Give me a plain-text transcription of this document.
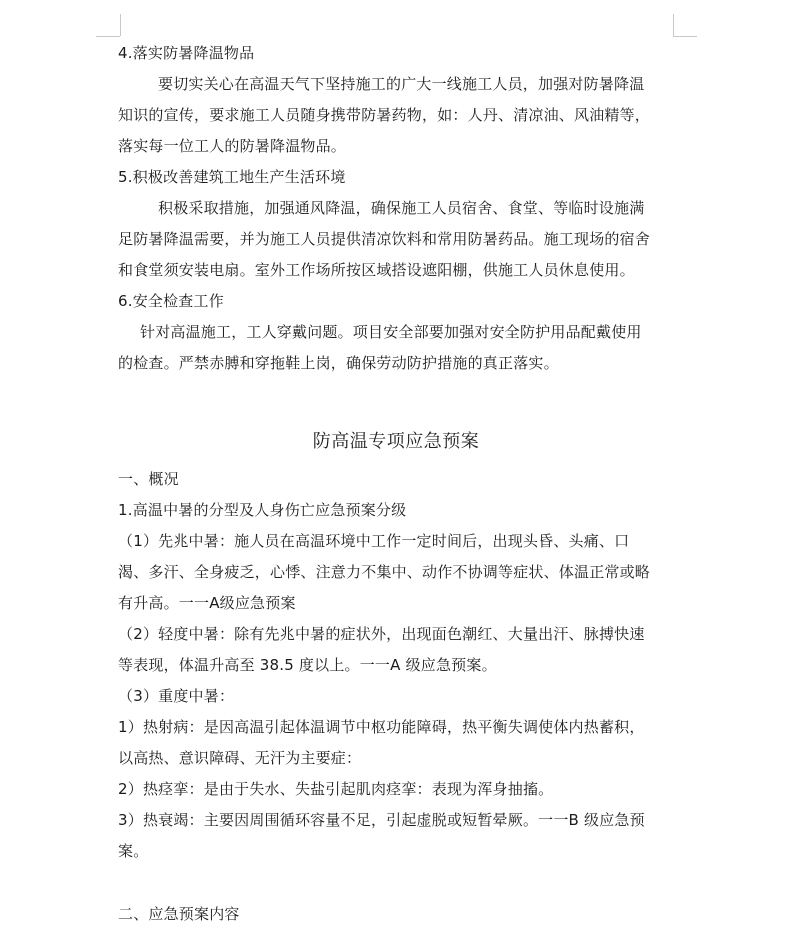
4.落实防暑降温物品
要切实关心在高温天气下坚持施工的广大一线施工人员，加强对防暑降温
知识的宣传，要求施工人员随身携带防暑药物，如：人丹、清凉油、风油精等，
落实每一位工人的防暑降温物品。
5.积极改善建筑工地生产生活环境
积极采取措施，加强通风降温，确保施工人员宿舍、食堂、等临时设施满
足防暑降温需要，并为施工人员提供清凉饮料和常用防暑药品。施工现场的宿舍
和食堂须安装电扇。室外工作场所按区域搭设遮阳棚，供施工人员休息使用。
6.安全检查工作
针对高温施工，工人穿戴问题。项目安全部要加强对安全防护用品配戴使用
的检查。严禁赤膊和穿拖鞋上岗，确保劳动防护措施的真正落实。
防高温专项应急预案
一、概况
1.高温中暑的分型及人身伤亡应急预案分级
（1）先兆中暑：施人员在高温环境中工作一定时间后，出现头昏、头痛、口
渴、多汗、全身疲乏，心悸、注意力不集中、动作不协调等症状、体温正常或略
有升高。一一A级应急预案
（2）轻度中暑：除有先兆中暑的症状外，出现面色潮红、大量出汗、脉搏快速
等表现，体温升高至 38.5 度以上。一一A 级应急预案。
（3）重度中暑：
1）热射病：是因高温引起体温调节中枢功能障碍，热平衡失调使体内热蓄积，
以高热、意识障碍、无汗为主要症：
2）热痉挛：是由于失水、失盐引起肌肉痉挛：表现为浑身抽搐。
3）热衰竭：主要因周围循环容量不足，引起虚脱或短暂晕厥。一一B 级应急预
案。
二、应急预案内容
